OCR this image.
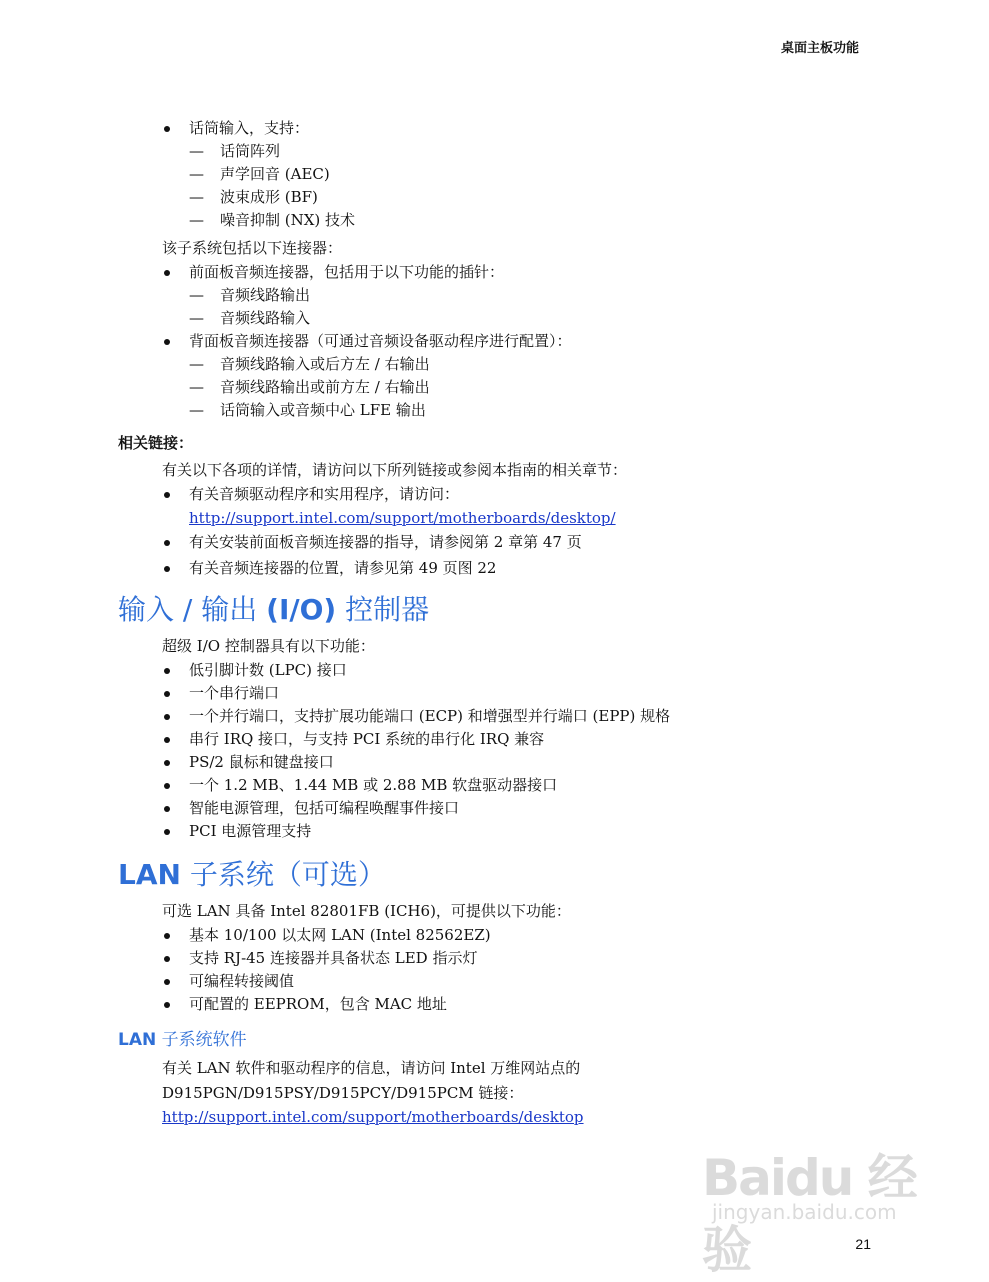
桌面主板功能
话筒输入，支持：
— 话筒阵列
— 声学回音 (AEC)
— 波束成形 (BF)
— 噪音抑制 (NX) 技术
该子系统包括以下连接器：
前面板音频连接器，包括用于以下功能的插针：
— 音频线路输出
— 音频线路输入
背面板音频连接器（可通过音频设备驱动程序进行配置）：
— 音频线路输入或后方左 / 右输出
— 音频线路输出或前方左 / 右输出
— 话筒输入或音频中心 LFE 输出
相关链接：
有关以下各项的详情，请访问以下所列链接或参阅本指南的相关章节：
有关音频驱动程序和实用程序，请访问：
http://support.intel.com/support/motherboards/desktop/
有关安装前面板音频连接器的指导，请参阅第 2 章第 47 页
有关音频连接器的位置，请参见第 49 页图 22
输入 / 输出 (I/O) 控制器
超级 I/O 控制器具有以下功能：
低引脚计数 (LPC) 接口
一个串行端口
一个并行端口，支持扩展功能端口 (ECP) 和增强型并行端口 (EPP) 规格
串行 IRQ 接口，与支持 PCI 系统的串行化 IRQ 兼容
PS/2 鼠标和键盘接口
一个 1.2 MB、1.44 MB 或 2.88 MB 软盘驱动器接口
智能电源管理，包括可编程唤醒事件接口
PCI 电源管理支持
LAN 子系统（可选）
可选 LAN 具备 Intel 82801FB (ICH6)，可提供以下功能：
基本 10/100 以太网 LAN (Intel 82562EZ)
支持 RJ-45 连接器并具备状态 LED 指示灯
可编程转接阈值
可配置的 EEPROM，包含 MAC 地址
LAN 子系统软件
有关 LAN 软件和驱动程序的信息，请访问 Intel 万维网站点的
D915PGN/D915PSY/D915PCY/D915PCM 链接：
http://support.intel.com/support/motherboards/desktop
Baidu 经验
jingyan.baidu.com
21
